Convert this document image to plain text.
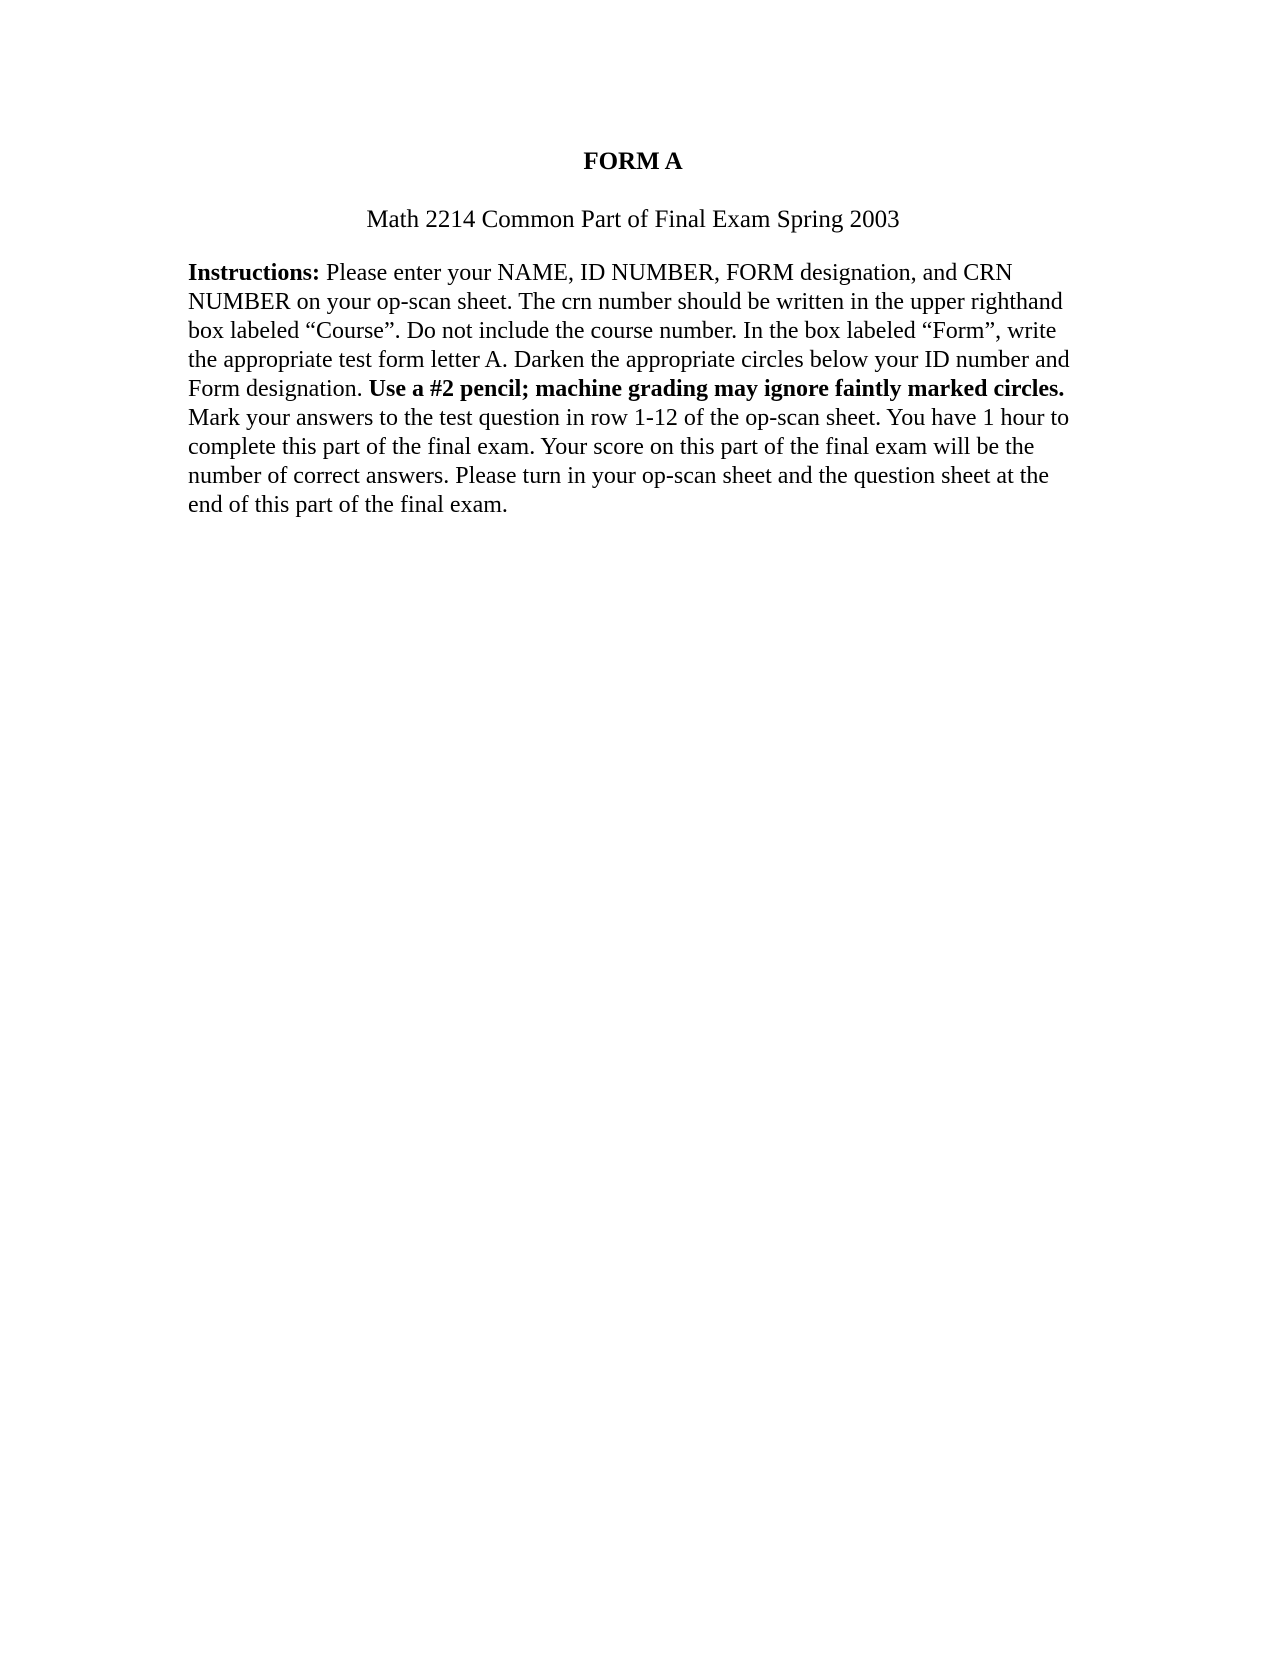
FORM A

Math 2214 Common Part of Final Exam Spring 2003

Instructions: Please enter your NAME, ID NUMBER, FORM designation, and CRN NUMBER on your op-scan sheet. The crn number should be written in the upper righthand box labeled “Course”. Do not include the course number. In the box labeled “Form”, write the appropriate test form letter A. Darken the appropriate circles below your ID number and Form designation. Use a #2 pencil; machine grading may ignore faintly marked circles. Mark your answers to the test question in row 1-12 of the op-scan sheet. You have 1 hour to complete this part of the final exam. Your score on this part of the final exam will be the number of correct answers. Please turn in your op-scan sheet and the question sheet at the end of this part of the final exam.
